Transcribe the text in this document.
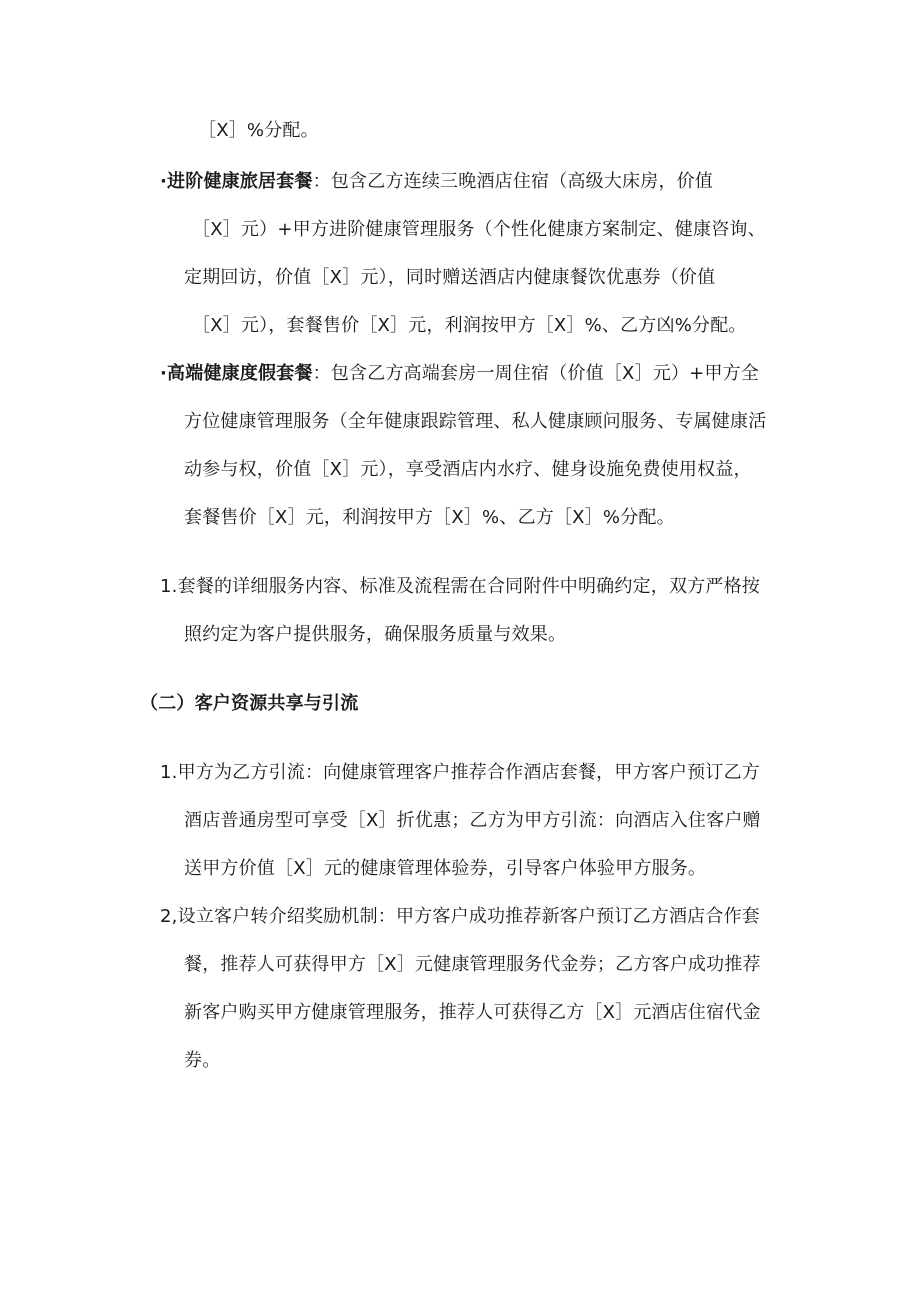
［X］%分配。
·进阶健康旅居套餐：包含乙方连续三晚酒店住宿（高级大床房，价值
［X］元）+甲方进阶健康管理服务（个性化健康方案制定、健康咨询、
定期回访，价值［X］元），同时赠送酒店内健康餐饮优惠券（价值
［X］元），套餐售价［X］元，利润按甲方［X］%、乙方凶%分配。
·高端健康度假套餐：包含乙方高端套房一周住宿（价值［X］元）+甲方全
方位健康管理服务（全年健康跟踪管理、私人健康顾问服务、专属健康活
动参与权，价值［X］元），享受酒店内水疗、健身设施免费使用权益，
套餐售价［X］元，利润按甲方［X］%、乙方［X］%分配。
1.套餐的详细服务内容、标准及流程需在合同附件中明确约定，双方严格按
照约定为客户提供服务，确保服务质量与效果。
（二）客户资源共享与引流
1.甲方为乙方引流：向健康管理客户推荐合作酒店套餐，甲方客户预订乙方
酒店普通房型可享受［X］折优惠；乙方为甲方引流：向酒店入住客户赠
送甲方价值［X］元的健康管理体验券，引导客户体验甲方服务。
2,设立客户转介绍奖励机制：甲方客户成功推荐新客户预订乙方酒店合作套
餐，推荐人可获得甲方［X］元健康管理服务代金券；乙方客户成功推荐
新客户购买甲方健康管理服务，推荐人可获得乙方［X］元酒店住宿代金
券。
